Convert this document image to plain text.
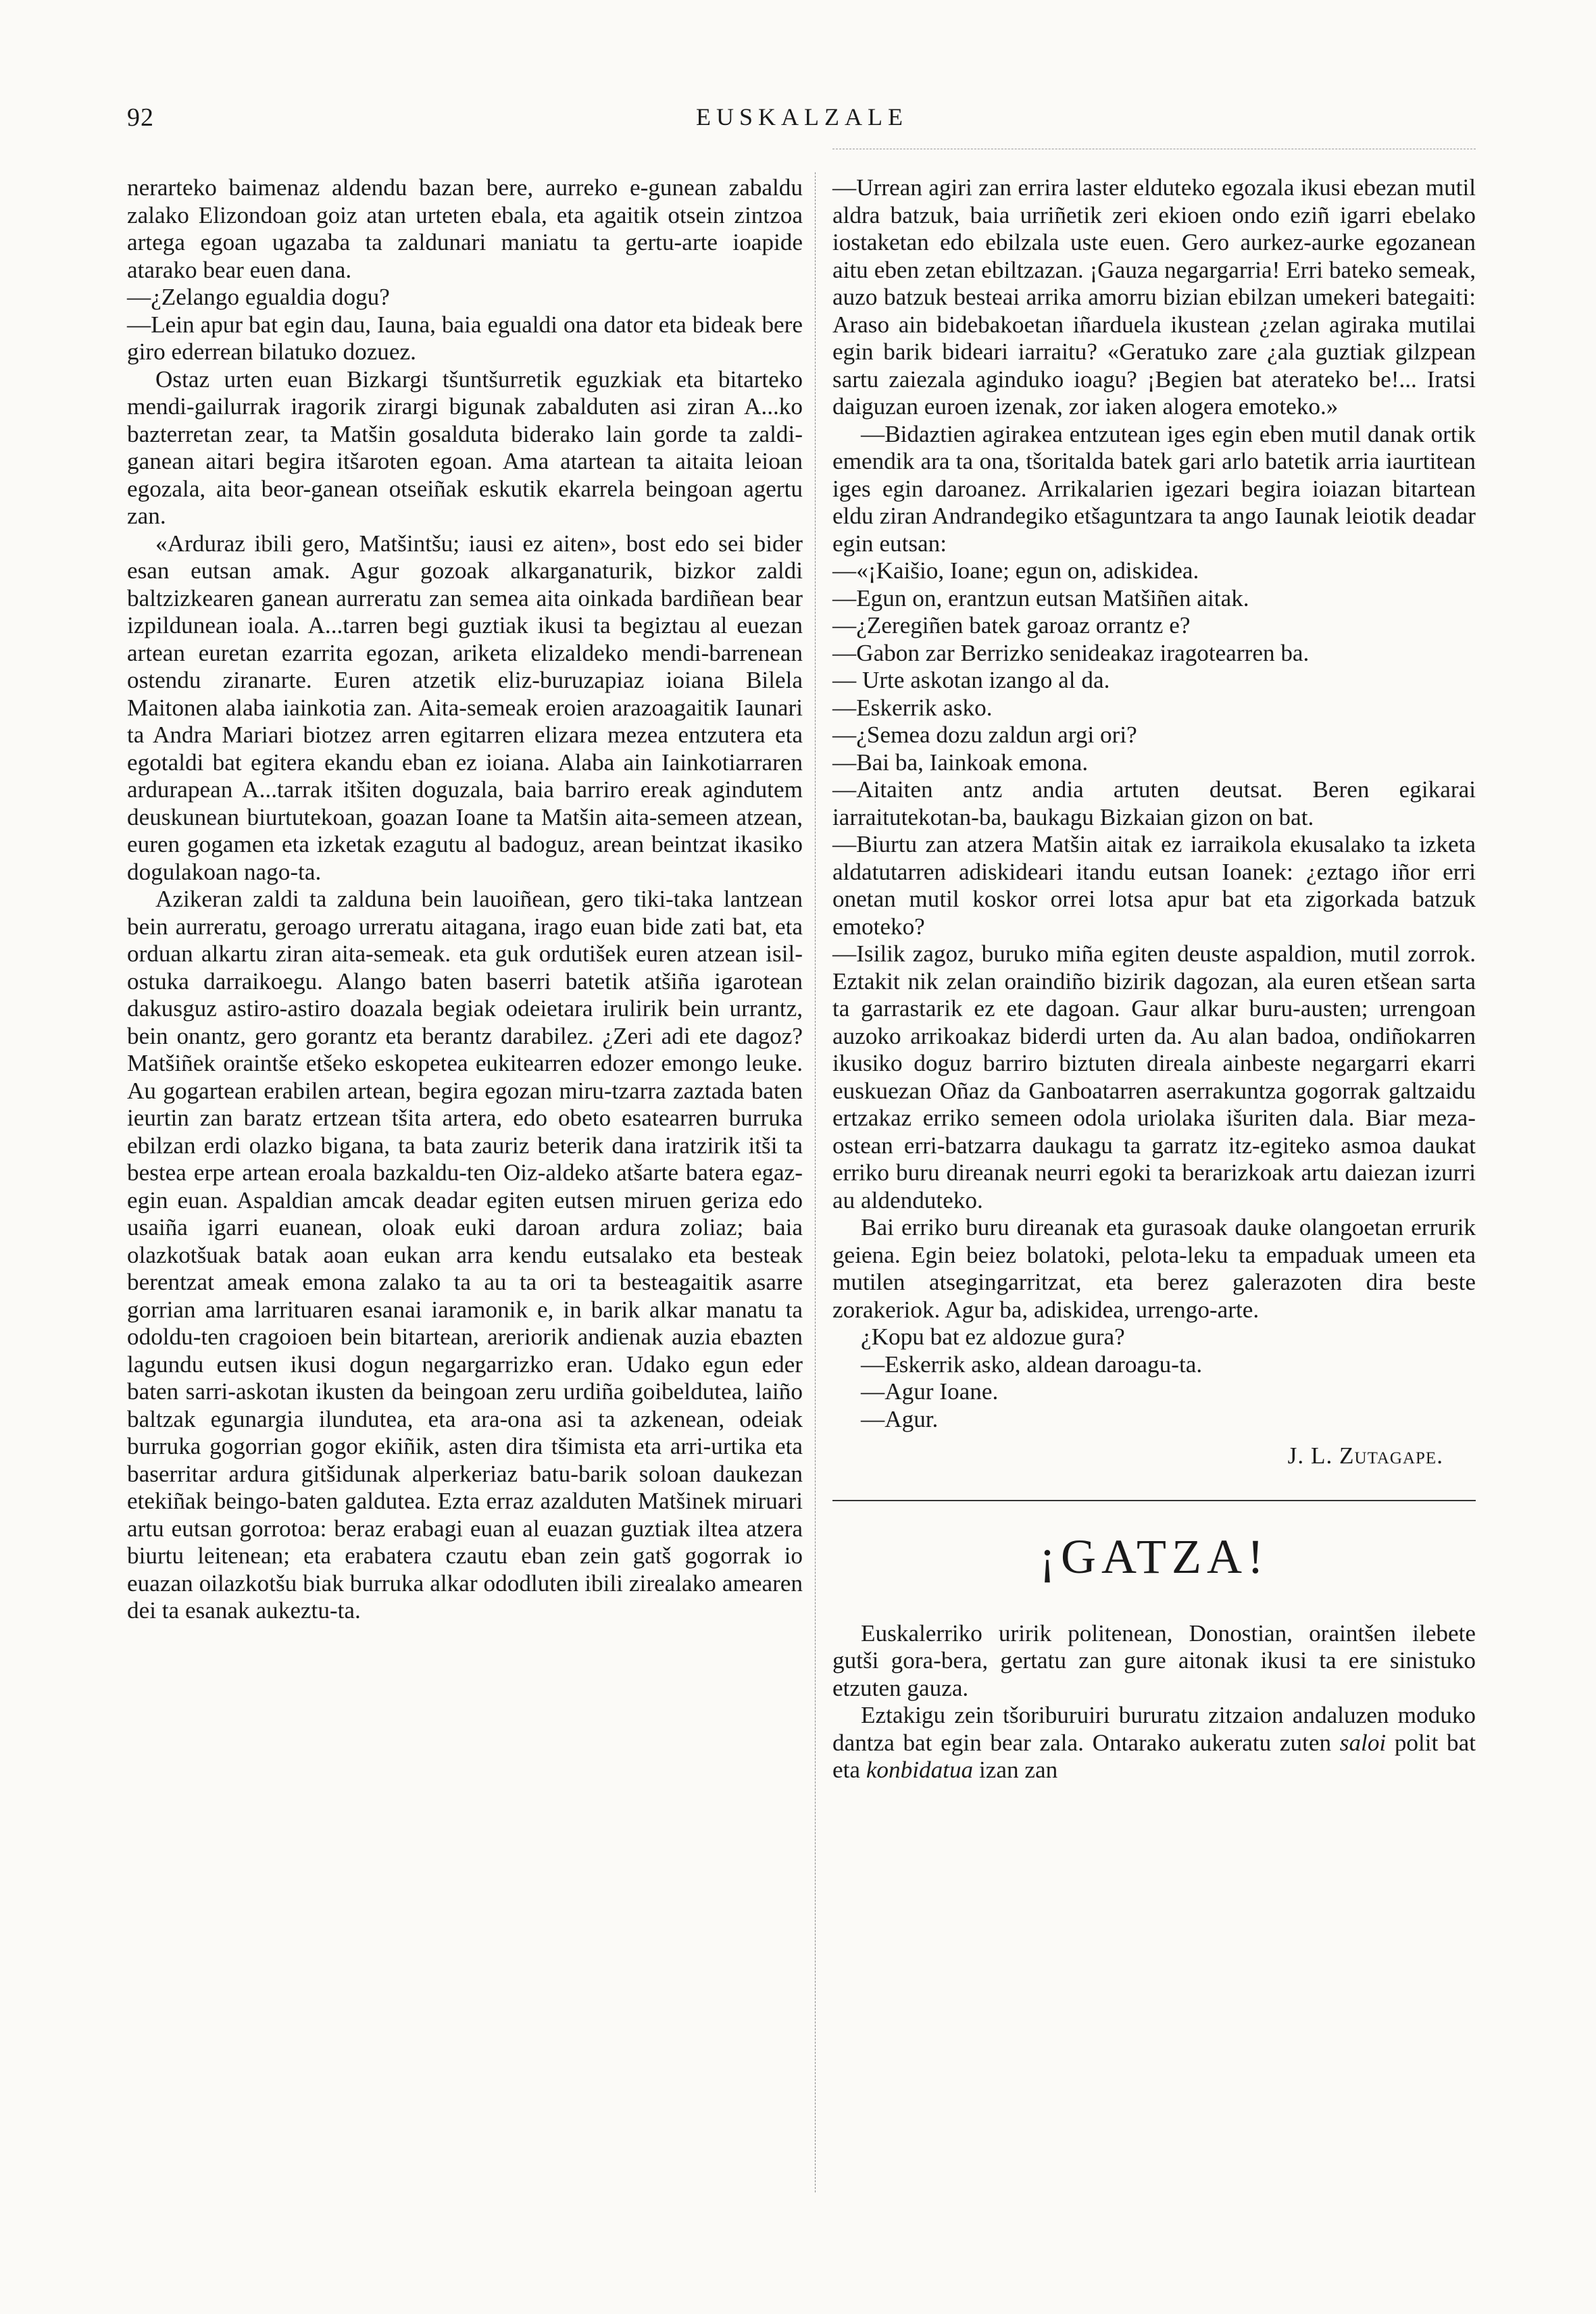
92	EUSKALZALE

nerarteko baimenaz aldendu bazan bere, aurreko e-gunean zabaldu zalako Elizondoan goiz atan urteten ebala, eta agaitik otsein zintzoa artega egoan ugazaba ta zaldunari maniatu ta gertu-arte ioapide atarako bear euen dana.

—¿Zelango egualdia dogu?

—Lein apur bat egin dau, Iauna, baia egualdi ona dator eta bideak bere giro ederrean bilatuko dozuez.

Ostaz urten euan Bizkargi tšuntšurretik eguzkiak eta bitarteko mendi-gailurrak iragorik zirargi bigunak zabalduten asi ziran A...ko bazterretan zear, ta Matšin gosalduta biderako lain gorde ta zaldi-ganean aitari begira itšaroten egoan. Ama atartean ta aitaita leioan egozala, aita beor-ganean otseiñak eskutik ekarrela beingoan agertu zan.

«Arduraz ibili gero, Matšintšu; iausi ez aiten», bost edo sei bider esan eutsan amak. Agur gozoak alkarganaturik, bizkor zaldi baltzizkearen ganean aurreratu zan semea aita oinkada bardiñean bear izpildunean ioala. A...tarren begi guztiak ikusi ta begiztau al euezan artean euretan ezarrita egozan, ariketa elizaldeko mendi-barrenean ostendu ziranarte. Euren atzetik eliz-buruzapiaz ioiana Bilela Maitonen alaba iainkotia zan. Aita-semeak eroien arazoagaitik Iaunari ta Andra Mariari biotzez arren egitarren elizara mezea entzutera eta egotaldi bat egitera ekandu eban ez ioiana. Alaba ain Iainkotiarraren ardurapean A...tarrak itšiten doguzala, baia barriro ereak agindutem deuskunean biurtutekoan, goazan Ioane ta Matšin aita-semeen atzean, euren gogamen eta izketak ezagutu al badoguz, arean beintzat ikasiko dogulakoan nago-ta.

Azikeran zaldi ta zalduna bein lauoiñean, gero tiki-taka lantzean bein aurreratu, geroago urreratu aitagana, irago euan bide zati bat, eta orduan alkartu ziran aita-semeak. eta guk ordutišek euren atzean isil-ostuka darraikoegu. Alango baten baserri batetik atšiña igarotean dakusguz astiro-astiro doazala begiak odeietara irulirik bein urrantz, bein onantz, gero gorantz eta berantz darabilez. ¿Zeri adi ete dagoz? Matšiñek oraintše etšeko eskopetea eukitearren edozer emongo leuke. Au gogartean erabilen artean, begira egozan miru-tzarra zaztada baten ieurtin zan baratz ertzean tšita artera, edo obeto esatearren burruka ebilzan erdi olazko bigana, ta bata zauriz beterik dana iratzirik itši ta bestea erpe artean eroala bazkaldu-ten Oiz-aldeko atšarte batera egaz-egin euan. Aspaldian amcak deadar egiten eutsen miruen geriza edo usaiña igarri euanean, oloak euki daroan ardura zoliaz; baia olazkotšuak batak aoan eukan arra kendu eutsalako eta besteak berentzat ameak emona zalako ta au ta ori ta besteagaitik asarre gorrian ama larrituaren esanai iaramonik e, in barik alkar manatu ta odoldu-ten cragoioen bein bitartean, areriorik andienak auzia ebazten lagundu eutsen ikusi dogun negargarrizko eran. Udako egun eder baten sarri-askotan ikusten da beingoan zeru urdiña goibeldutea, laiño baltzak egunargia ilundutea, eta ara-ona asi ta azkenean, odeiak burruka gogorrian gogor ekiñik, asten dira tšimista eta arri-urtika eta baserritar ardura gitšidunak alperkeriaz batu-barik soloan daukezan etekiñak beingo-baten galdutea. Ezta erraz azalduten Matšinek miruari artu eutsan gorrotoa: beraz erabagi euan al euazan guztiak iltea atzera biurtu leitenean; eta erabatera czautu eban zein gatš gogorrak io euazan oilazkotšu biak burruka alkar ododluten ibili zirealako amearen dei ta esanak aukeztu-ta.

—Urrean agiri zan errira laster elduteko egozala ikusi ebezan mutil aldra batzuk, baia urriñetik zeri ekioen ondo eziñ igarri ebelako iostaketan edo ebilzala uste euen. Gero aurkez-aurke egozanean aitu eben zetan ebiltzazan. ¡Gauza negargarria! Erri bateko semeak, auzo batzuk besteai arrika amorru bizian ebilzan umekeri bategaiti: Araso ain bidebakoetan iñarduela ikustean ¿zelan agiraka mutilai egin barik bideari iarraitu? «Geratuko zare ¿ala guztiak gilzpean sartu zaiezala aginduko ioagu? ¡Begien bat aterateko be!... Iratsi daiguzan euroen izenak, zor iaken alogera emoteko.»

—Bidaztien agirakea entzutean iges egin eben mutil danak ortik emendik ara ta ona, tšoritalda batek gari arlo batetik arria iaurtitean iges egin daroanez. Arrikalarien igezari begira ioiazan bitartean eldu ziran Andrandegiko etšaguntzara ta ango Iaunak leiotik deadar egin eutsan:

—«¡Kaišio, Ioane; egun on, adiskidea.

—Egun on, erantzun eutsan Matšiñen aitak.

—¿Zeregiñen batek garoaz orrantz e?

—Gabon zar Berrizko senideakaz iragotearren ba.

— Urte askotan izango al da.

—Eskerrik asko.

—¿Semea dozu zaldun argi ori?

—Bai ba, Iainkoak emona.

—Aitaiten antz andia artuten deutsat. Beren egikarai iarraitutekotan-ba, baukagu Bizkaian gizon on bat.

—Biurtu zan atzera Matšin aitak ez iarraikola ekusalako ta izketa aldatutarren adiskideari itandu eutsan Ioanek: ¿eztago iñor erri onetan mutil koskor orrei lotsa apur bat eta zigorkada batzuk emoteko?

—Isilik zagoz, buruko miña egiten deuste aspaldion, mutil zorrok. Eztakit nik zelan oraindiño bizirik dagozan, ala euren etšean sarta ta garrastarik ez ete dagoan. Gaur alkar buru-austen; urrengoan auzoko arrikoakaz biderdi urten da. Au alan badoa, ondiñokarren ikusiko doguz barriro biztuten direala ainbeste negargarri ekarri euskuezan Oñaz da Ganboatarren aserrakuntza gogorrak galtzaidu ertzakaz erriko semeen odola uriolaka išuriten dala. Biar meza-ostean erri-batzarra daukagu ta garratz itz-egiteko asmoa daukat erriko buru direanak neurri egoki ta berarizkoak artu daiezan izurri au aldenduteko.

Bai erriko buru direanak eta gurasoak dauke olangoetan errurik geiena. Egin beiez bolatoki, pelota-leku ta empaduak umeen eta mutilen atsegingarritzat, eta berez galerazoten dira beste zorakeriok. Agur ba, adiskidea, urrengo-arte.

¿Kopu bat ez aldozue gura?

—Eskerrik asko, aldean daroagu-ta.

—Agur Ioane.

—Agur.

J. L. Zutagape.

¡GATZA!

Euskalerriko uririk politenean, Donostian, oraintšen ilebete gutši gora-bera, gertatu zan gure aitonak ikusi ta ere sinistuko etzuten gauza.

Eztakigu zein tšoriburuiri bururatu zitzaion andaluzen moduko dantza bat egin bear zala. Ontarako aukeratu zuten saloi polit bat eta konbidatua izan zan
